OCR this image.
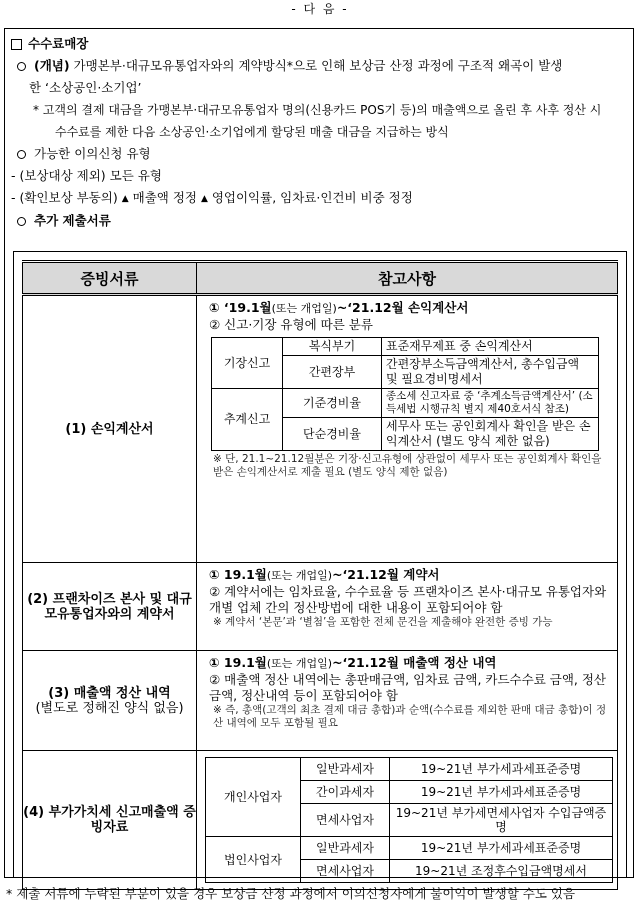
- 다 음 -
수수료매장
(개념) 가맹본부·대규모유통업자와의 계약방식*으로 인해 보상금 산정 과정에 구조적 왜곡이 발생
한 ‘소상공인·소기업’
* 고객의 결제 대금을 가맹본부·대규모유통업자 명의(신용카드 POS기 등)의 매출액으로 올린 후 사후 정산 시
수수료를 제한 다음 소상공인·소기업에게 할당된 매출 대금을 지급하는 방식
가능한 이의신청 유형
- (보상대상 제외) 모든 유형
- (확인보상 부동의) ▲ 매출액 정정 ▲ 영업이익률, 임차료·인건비 비중 정정
추가 제출서류
증빙서류	참고사항
(1) 손익계산서	
① ‘19.1월(또는 개업일)~‘21.12월 손익계산서
② 신고·기장 유형에 따른 분류
기장신고	복식부기	표준재무제표 중 손익계산서
간편장부	간편장부소득금액계산서, 총수입금액 및 필요경비명세서
추계신고	기준경비율	종소세 신고자료 중 ‘추계소득금액계산서’ (소득세법 시행규칙 별지 제40호서식 참조)
단순경비율	세무사 또는 공인회계사 확인을 받은 손익계산서 (별도 양식 제한 없음)
※ 단, 21.1~21.12월분은 기장·신고유형에 상관없이 세무사 또는 공인회계사 확인을 받은 손익계산서로 제출 필요 (별도 양식 제한 없음)

(2) 프랜차이즈 본사 및 대규모유통업자와의 계약서	
① 19.1월(또는 개업일)~‘21.12월 계약서
② 계약서에는 임차료율, 수수료율 등 프랜차이즈 본사·대규모 유통업자와 개별 업체 간의 정산방법에 대한 내용이 포함되어야 함
※ 계약서 ‘본문’과 ‘별첨’을 포함한 전체 문건을 제출해야 완전한 증빙 가능

(3) 매출액 정산 내역
(별도로 정해진 양식 없음)

① 19.1월(또는 개업일)~‘21.12월 매출액 정산 내역
② 매출액 정산 내역에는 총판매금액, 임차료 금액, 카드수수료 금액, 정산금액, 정산내역 등이 포함되어야 함
※ 즉, 총액(고객의 최초 결제 대금 총합)과 순액(수수료를 제외한 판매 대금 총합)이 정산 내역에 모두 포함될 필요

(4) 부가가치세 신고매출액 증빙자료	
개인사업자	일반과세자	19~21년 부가세과세표준증명
간이과세자	19~21년 부가세과세표준증명
면세사업자	19~21년 부가세면세사업자 수입금액증명
법인사업자	일반과세자	19~21년 부가세과세표준증명
면세사업자	19~21년 조정후수입금액명세서
* 제출 서류에 누락된 부분이 있을 경우 보상금 산정 과정에서 이의신청자에게 불이익이 발생할 수도 있음
